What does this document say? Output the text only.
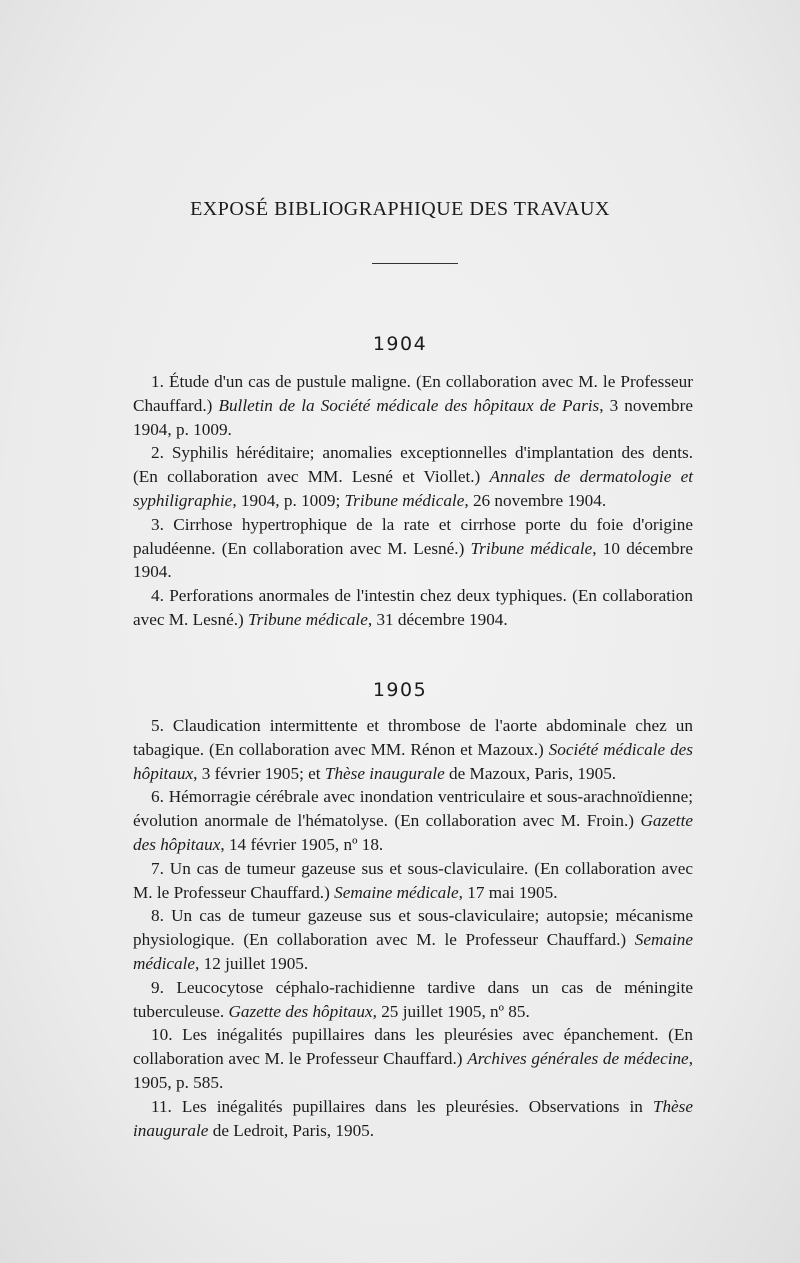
EXPOSÉ BIBLIOGRAPHIQUE DES TRAVAUX
1904

1. Étude d'un cas de pustule maligne. (En collaboration avec M. le Professeur Chauffard.) Bulletin de la Société médicale des hôpitaux de Paris, 3 novembre 1904, p. 1009.

2. Syphilis héréditaire; anomalies exceptionnelles d'implantation des dents. (En collaboration avec MM. Lesné et Viollet.) Annales de dermatologie et syphiligraphie, 1904, p. 1009; Tribune médicale, 26 novembre 1904.

3. Cirrhose hypertrophique de la rate et cirrhose porte du foie d'origine paludéenne. (En collaboration avec M. Lesné.) Tribune médicale, 10 décembre 1904.

4. Perforations anormales de l'intestin chez deux typhiques. (En collaboration avec M. Lesné.) Tribune médicale, 31 décembre 1904.

1905

5. Claudication intermittente et thrombose de l'aorte abdominale chez un tabagique. (En collaboration avec MM. Rénon et Mazoux.) Société médicale des hôpitaux, 3 février 1905; et Thèse inaugurale de Mazoux, Paris, 1905.

6. Hémorragie cérébrale avec inondation ventriculaire et sous-arachnoïdienne; évolution anormale de l'hématolyse. (En collaboration avec M. Froin.) Gazette des hôpitaux, 14 février 1905, nº 18.

7. Un cas de tumeur gazeuse sus et sous-claviculaire. (En collaboration avec M. le Professeur Chauffard.) Semaine médicale, 17 mai 1905.

8. Un cas de tumeur gazeuse sus et sous-claviculaire; autopsie; mécanisme physiologique. (En collaboration avec M. le Professeur Chauffard.) Semaine médicale, 12 juillet 1905.

9. Leucocytose céphalo-rachidienne tardive dans un cas de méningite tuberculeuse. Gazette des hôpitaux, 25 juillet 1905, nº 85.

10. Les inégalités pupillaires dans les pleurésies avec épanchement. (En collaboration avec M. le Professeur Chauffard.) Archives générales de médecine, 1905, p. 585.

11. Les inégalités pupillaires dans les pleurésies. Observations in Thèse inaugurale de Ledroit, Paris, 1905.
